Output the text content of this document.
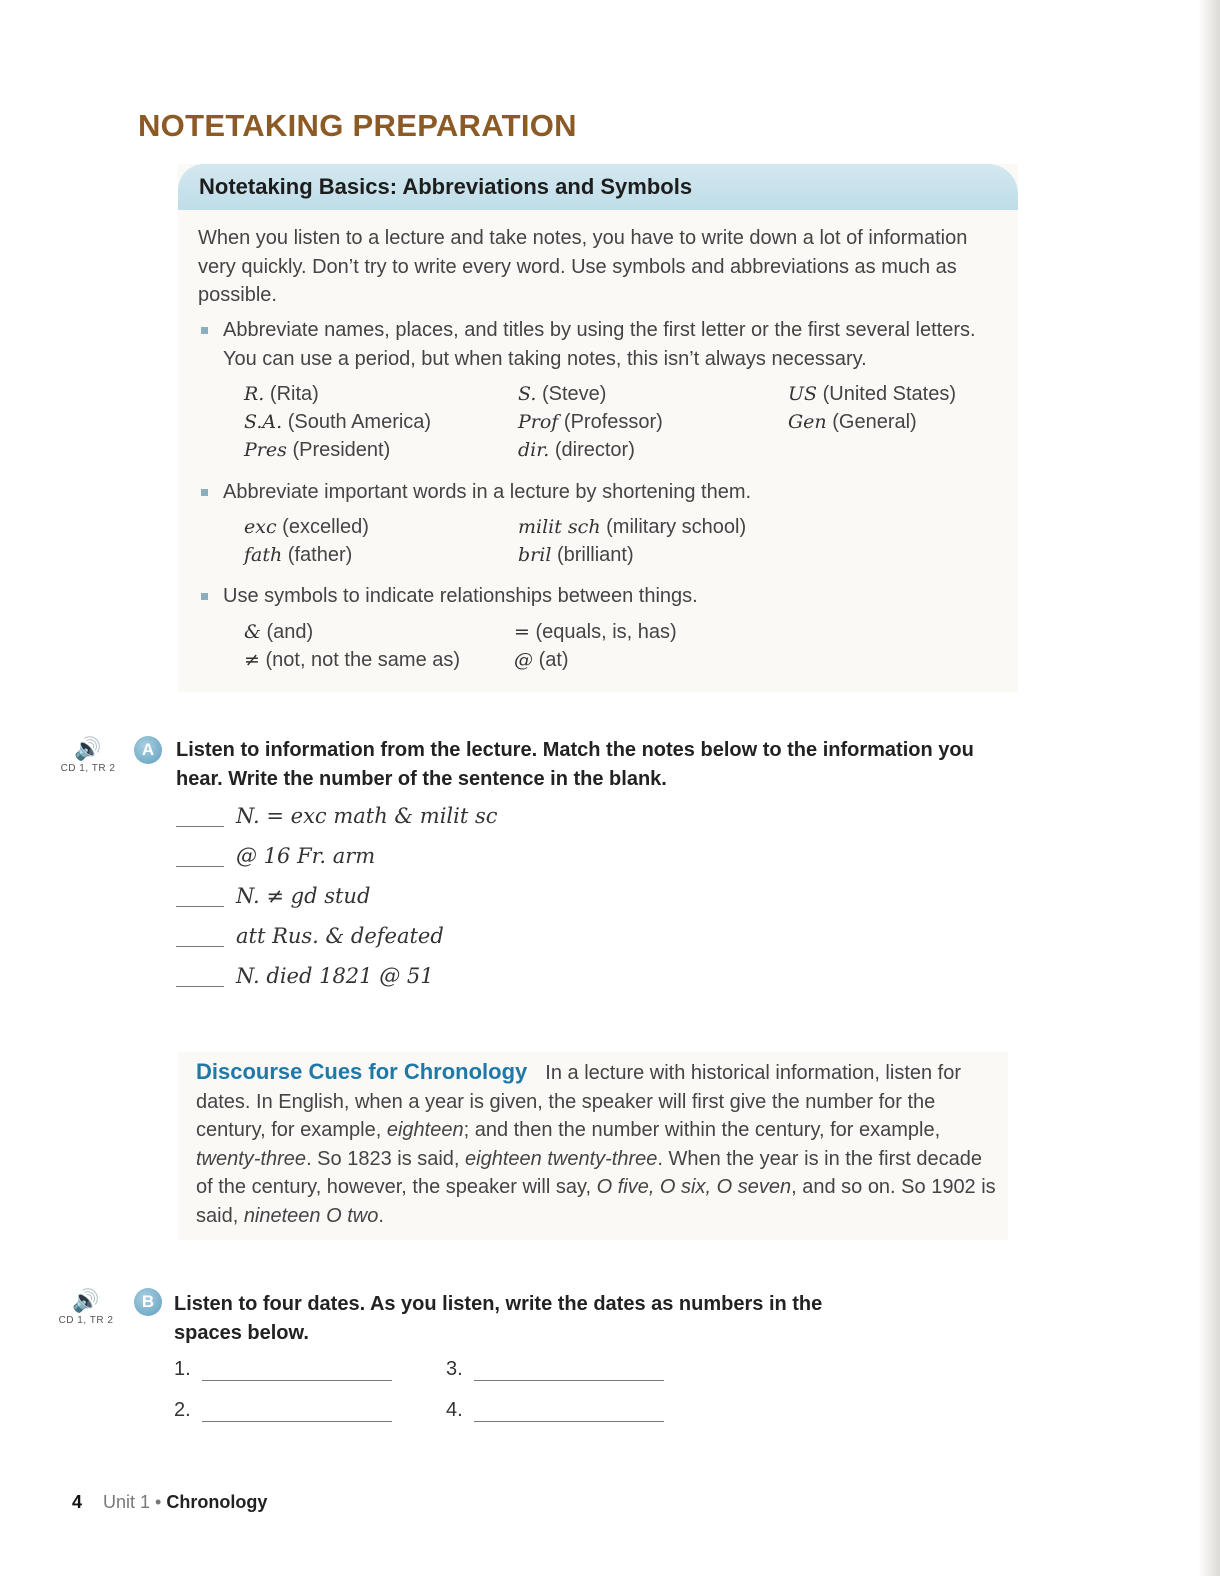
NOTETAKING PREPARATION
Notetaking Basics: Abbreviations and Symbols

When you listen to a lecture and take notes, you have to write down a lot of information very quickly. Don’t try to write every word. Use symbols and abbreviations as much as possible.

Abbreviate names, places, and titles by using the first letter or the first several letters. You can use a period, but when taking notes, this isn’t always necessary.
R. (Rita)	S. (Steve)	US (United States)
S.A. (South America)	Prof (Professor)	Gen (General)
Pres (President)	dir. (director)
Abbreviate important words in a lecture by shortening them.
exc (excelled)	milit sch (military school)
fath (father)	bril (brilliant)
Use symbols to indicate relationships between things.
& (and)	= (equals, is, has)
≠ (not, not the same as)	@ (at)
🔊
CD 1, TR 2
A	Listen to information from the lecture. Match the notes below to the information you hear. Write the number of the sentence in the blank.

N. = exc math & milit sc
@ 16 Fr. arm
N. ≠ gd stud
att Rus. & defeated
N. died 1821 @ 51

Discourse Cues for Chronology In a lecture with historical information, listen for dates. In English, when a year is given, the speaker will first give the number for the century, for example, eighteen; and then the number within the century, for example, twenty-three. So 1823 is said, eighteen twenty-three. When the year is in the first decade of the century, however, the speaker will say, O five, O six, O seven, and so on. So 1902 is said, nineteen O two.

🔊
CD 1, TR 2
B Listen to four dates. As you listen, write the dates as numbers in the spaces below.

1.
2.
3.
4.
4 Unit 1 • Chronology
